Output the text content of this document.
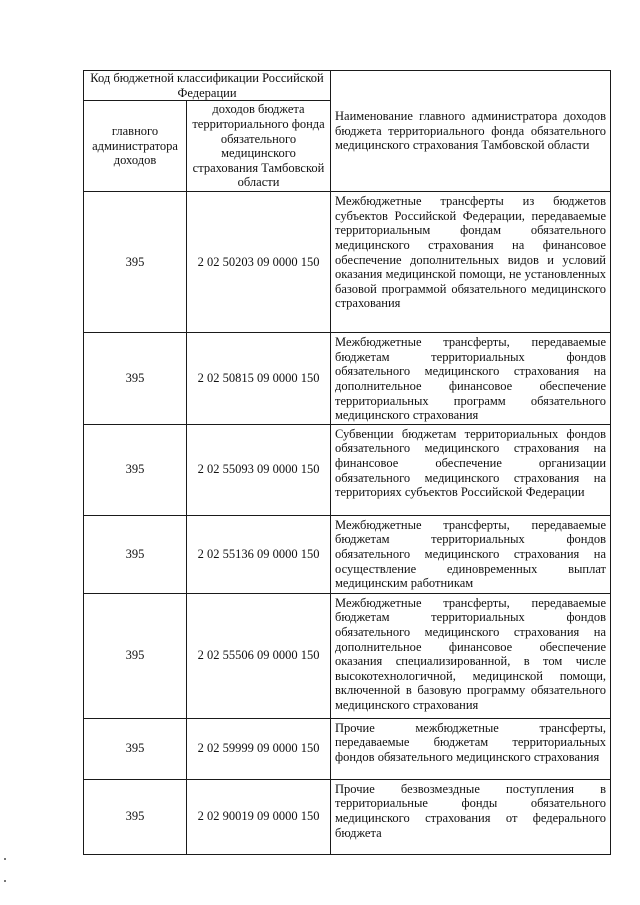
Код бюджетной классификации Российской Федерации		Наименование главного администратора доходов бюджета территориального фонда обязательного медицинского страхования Тамбовской области
главного администратора доходов	доходов бюджета территориального фонда обязательного медицинского страхования Тамбовской области	
395	2 02 50203 09 0000 150	Межбюджетные трансферты из бюджетов субъектов Российской Федерации, передаваемые территориальным фондам обязательного медицинского страхования на финансовое обеспечение дополнительных видов и условий оказания медицинской помощи, не установленных базовой программой обязательного медицинского страхования
395	2 02 50815 09 0000 150	Межбюджетные трансферты, передаваемые бюджетам территориальных фондов обязательного медицинского страхования на дополнительное финансовое обеспечение территориальных программ обязательного медицинского страхования
395	2 02 55093 09 0000 150	Субвенции бюджетам территориальных фондов обязательного медицинского страхования на финансовое обеспечение организации обязательного медицинского страхования на территориях субъектов Российской Федерации
395	2 02 55136 09 0000 150	Межбюджетные трансферты, передаваемые бюджетам территориальных фондов обязательного медицинского страхования на осуществление единовременных выплат медицинским работникам
395	2 02 55506 09 0000 150	Межбюджетные трансферты, передаваемые бюджетам территориальных фондов обязательного медицинского страхования на дополнительное финансовое обеспечение оказания специализированной, в том числе высокотехнологичной, медицинской помощи, включенной в базовую программу обязательного медицинского страхования
395	2 02 59999 09 0000 150	Прочие межбюджетные трансферты, передаваемые бюджетам территориальных фондов обязательного медицинского страхования
395	2 02 90019 09 0000 150	Прочие безвозмездные поступления в территориальные фонды обязательного медицинского страхования от федерального бюджета
